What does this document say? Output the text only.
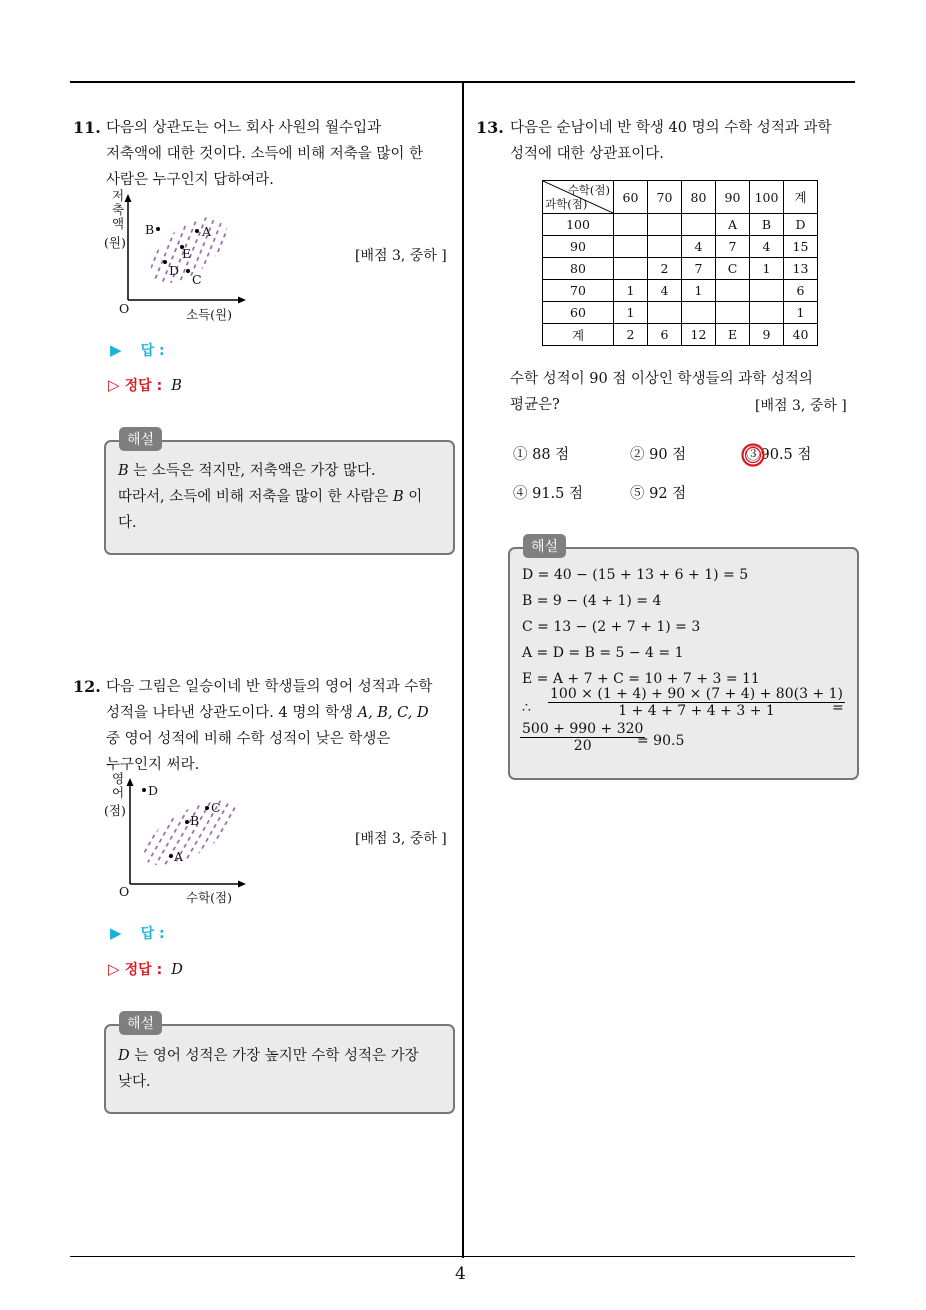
4
11. 다음의 상관도는 어느 회사 사원의 월수입과
저축액에 대한 것이다. 소득에 비해 저축을 많이 한
사람은 누구인지 답하여라.
저
축
액
(원)
O	소득(원)
B	A
E
D
C
[배점 3, 중하 ]
▶ 답 :
▷ 정답 : B
해설
B 는 소득은 적지만, 저축액은 가장 많다.
따라서, 소득에 비해 저축을 많이 한 사람은 B 이
다.
12. 다음 그림은 일승이네 반 학생들의 영어 성적과 수학
성적을 나타낸 상관도이다. 4 명의 학생 A, B, C, D
중 영어 성적에 비해 수학 성적이 낮은 학생은
누구인지 써라.
영
어
(점)
O	수학(점)
D
C
B
A
[배점 3, 중하 ]
▶ 답 :
▷ 정답 : D
해설
D 는 영어 성적은 가장 높지만 수학 성적은 가장
낮다.
13. 다음은 순남이네 반 학생 40 명의 수학 성적과 과학
성적에 대한 상관표이다.
수학(점)
과학(점)	60	70	80	90	100	계
100				A	B	D
90			4	7	4	15
80		2	7	C	1	13
70	1	4	1			6
60	1					1
계	2	6	12	E	9	40
수학 성적이 90 점 이상인 학생들의 과학 성적의
평균은?	[배점 3, 중하 ]
① 88 점	② 90 점	③90.5 점
④ 91.5 점	⑤ 92 점
해설
D = 40 − (15 + 13 + 6 + 1) = 5
B = 9 − (4 + 1) = 4
C = 13 − (2 + 7 + 1) = 3
A = D = B = 5 − 4 = 1
E = A + 7 + C = 10 + 7 + 3 = 11
∴ $\frac{100 \times (1 + 4) + 90 \times (7 + 4) + 80(3 + 1)}{1 + 4 + 7 + 4 + 3 + 1}$
=
$\frac{500 + 990 + 320}{20}$
= 90.5
